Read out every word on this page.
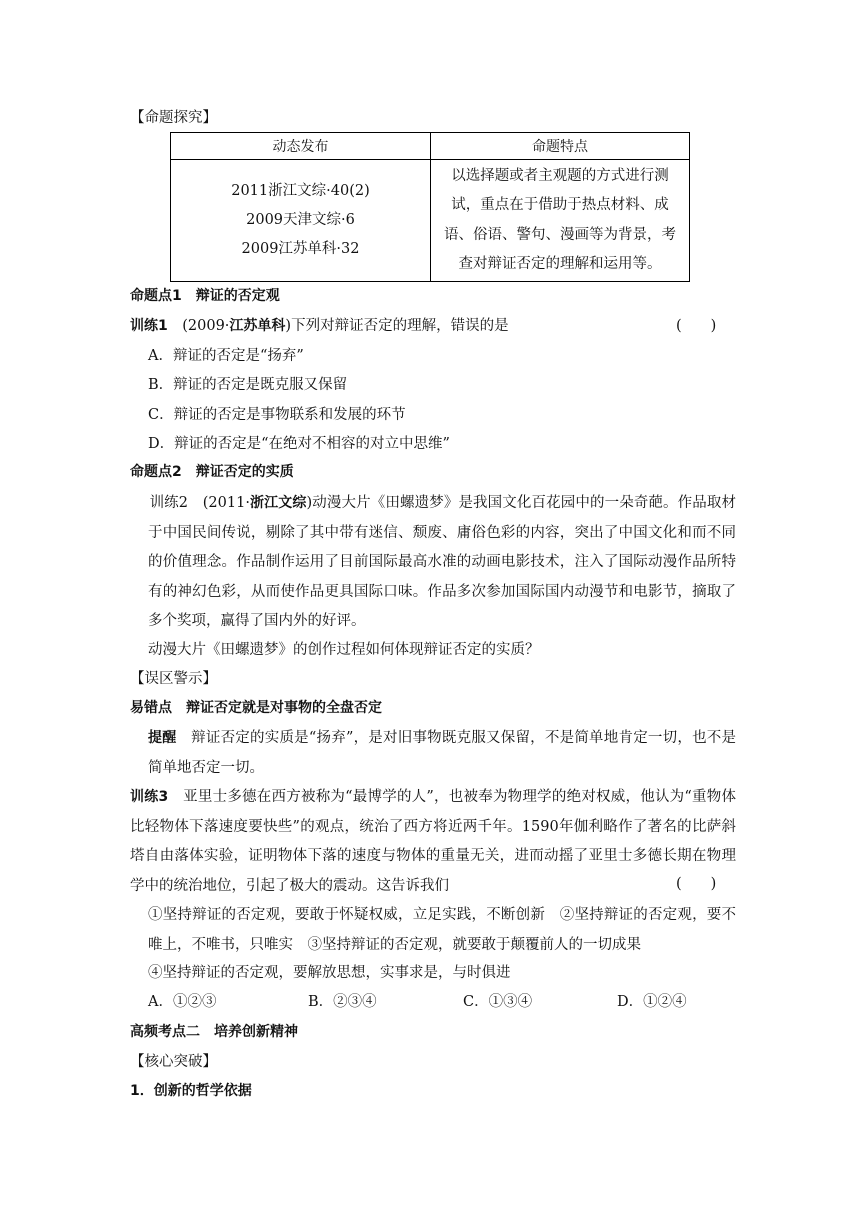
【命题探究】
动态发布	命题特点

2011浙江文综·40(2)
2009天津文综·6
2009江苏单科·32	以选择题或者主观题的方式进行测试，重点在于借助于热点材料、成语、俗语、警句、漫画等为背景，考查对辩证否定的理解和运用等。
命题点1　 辩证的否定观
训练1　 (2009·江苏单科)下列对辩证否定的理解，错误的是	(　　)
A．辩证的否定是“扬弃”
B．辩证的否定是既克服又保留
C．辩证的否定是事物联系和发展的环节
D．辩证的否定是“在绝对不相容的对立中思维”
命题点2　 辩证否定的实质
 训练2　 (2011·浙江文综)动漫大片《田螺遗梦》是我国文化百花园中的一朵奇葩。作品取材于中国民间传说，剔除了其中带有迷信、颓废、庸俗色彩的内容，突出了中国文化和而不同的价值理念。作品制作运用了目前国际最高水准的动画电影技术，注入了国际动漫作品所特有的神幻色彩，从而使作品更具国际口味。作品多次参加国际国内动漫节和电影节，摘取了多个奖项，赢得了国内外的好评。
动漫大片《田螺遗梦》的创作过程如何体现辩证否定的实质？
【误区警示】
易错点　 辩证否定就是对事物的全盘否定
提醒　 辩证否定的实质是“扬弃”，是对旧事物既克服又保留，不是简单地肯定一切，也不是简单地否定一切。
训练3　 亚里士多德在西方被称为“最博学的人”，也被奉为物理学的绝对权威，他认为“重物体比轻物体下落速度要快些”的观点，统治了西方将近两千年。1590年伽利略作了著名的比萨斜塔自由落体实验，证明物体下落的速度与物体的重量无关，进而动摇了亚里士多德长期在物理学中的统治地位，引起了极大的震动。这告诉我们	(　　)
①坚持辩证的否定观，要敢于怀疑权威，立足实践，不断创新　②坚持辩证的否定观，要不唯上，不唯书，只唯实　③坚持辩证的否定观，就要敢于颠覆前人的一切成果
④坚持辩证的否定观，要解放思想，实事求是，与时俱进
A．①②③	B．②③④	C．①③④	D．①②④
高频考点二　 培养创新精神
【核心突破】
1．创新的哲学依据
